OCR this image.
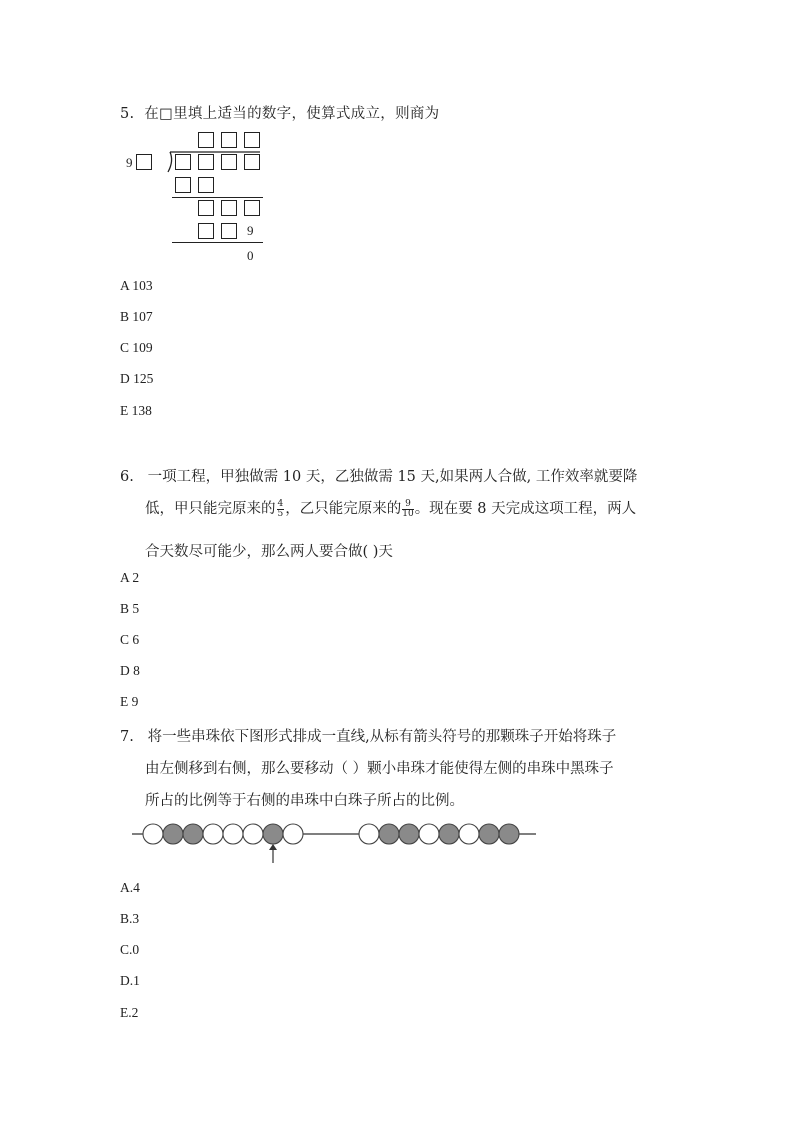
5. 在□里填上适当的数字，使算式成立，则商为
9
9
0
A 103
B 107
C 109
D 125
E 138
6. 一项工程，甲独做需 10 天，乙独做需 15 天,如果两人合做, 工作效率就要降
低，甲只能完原来的 $\frac{4}{5}$ ，乙只能完原来的 $\frac{9}{10}$ 。现在要 8 天完成这项工程，两人
合天数尽可能少，那么两人要合做( )天
A 2
B 5
C 6
D 8
E 9
7. 将一些串珠依下图形式排成一直线,从标有箭头符号的那颗珠子开始将珠子
由左侧移到右侧，那么要移动（ ）颗小串珠才能使得左侧的串珠中黑珠子
所占的比例等于右侧的串珠中白珠子所占的比例。
A.4
B.3
C.0
D.1
E.2
